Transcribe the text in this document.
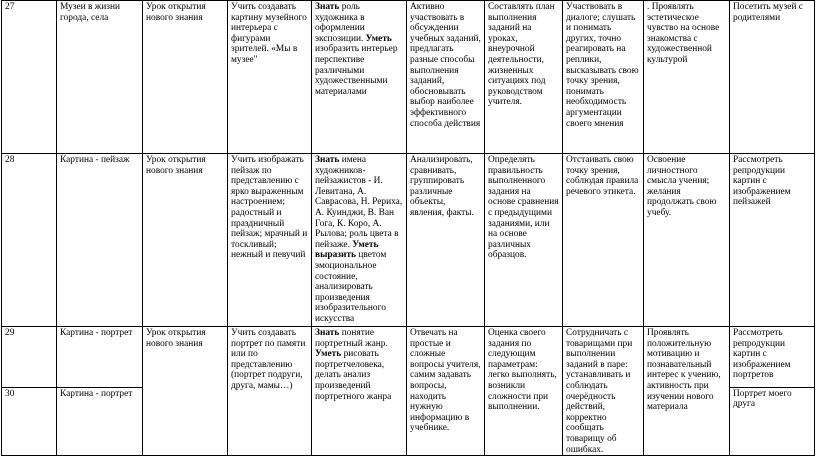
27	Музеи в жизни города, села	Урок открытия нового знания	Учить создавать картину музейного интерьера с фигурами зрителей. «Мы в музее"	Знать роль художника в оформлении экспозиции. Уметь изобразить интерьер перспективе различными художественными материалами	Активно участвовать в обсуждении учебных заданий, предлагать разные способы выполнения заданий, обосновывать выбор наиболее эффективного способа действия	Составлять план выполнения заданий на уроках, внеурочной деятельности, жизненных ситуациях под руководством учителя.	Участвовать в диалоге; слушать и понимать других, точно реагировать на реплики, высказывать свою точку зрения, понимать необходимость аргументации своего мнения	. Проявлять эстетическое чувство на основе знакомства с художественной культурой	Посетить музей с родителями
28	Картина - пейзаж	Урок открытия нового знания	Учить изображать пейзаж по представлению с ярко выраженным настроением; радостный и праздничный пейзаж; мрачный и тоскливый; нежный и певучий	Знать имена художников-пейзажистов - И. Левитана, А. Саврасова, Н. Рериха, А. Куинджи, В. Ван Гога, К. Коро, А. Рылова; роль цвета в пейзаже. Уметь выразить цветом эмоциональное состояние, анализировать произведения изобразительного искусства	Анализировать, сравнивать, группировать различные объекты, явления, факты.	Определять правильность выполненного задания на основе сравнения с предыдущими заданиями, или на основе различных образцов.	Отстаивать свою точку зрения, соблюдая правила речевого этикета.	Освоение личностного смысла учения; желания продолжать свою учебу.	Рассмотреть репродукции картин с изображением пейзажей
29	Картина - портрет	Урок открытия нового знания	Учить создавать портрет по памяти или по представлению (портрет подруги, друга, мамы…)	Знать понятие портретный жанр. Уметь рисовать портретчеловека, делать анализ произведений портретного жанра	Отвечать на простые и сложные вопросы учителя, самим задавать вопросы, находить нужную информацию в учебнике.	Оценка своего задания по следующим параметрам: легко выполнять, возникли сложности при выполнении.	Сотрудничать с товарищами при выполнении заданий в паре: устанавливать и соблюдать очерёдность действий, корректно сообщать товарищу об ошибках.	Проявлять положительную мотивацию и познавательный интерес к учению, активность при изучении нового материала	Рассмотреть репродукции картин с изображением портретов
30	Картина - портрет								Портрет моего друга
